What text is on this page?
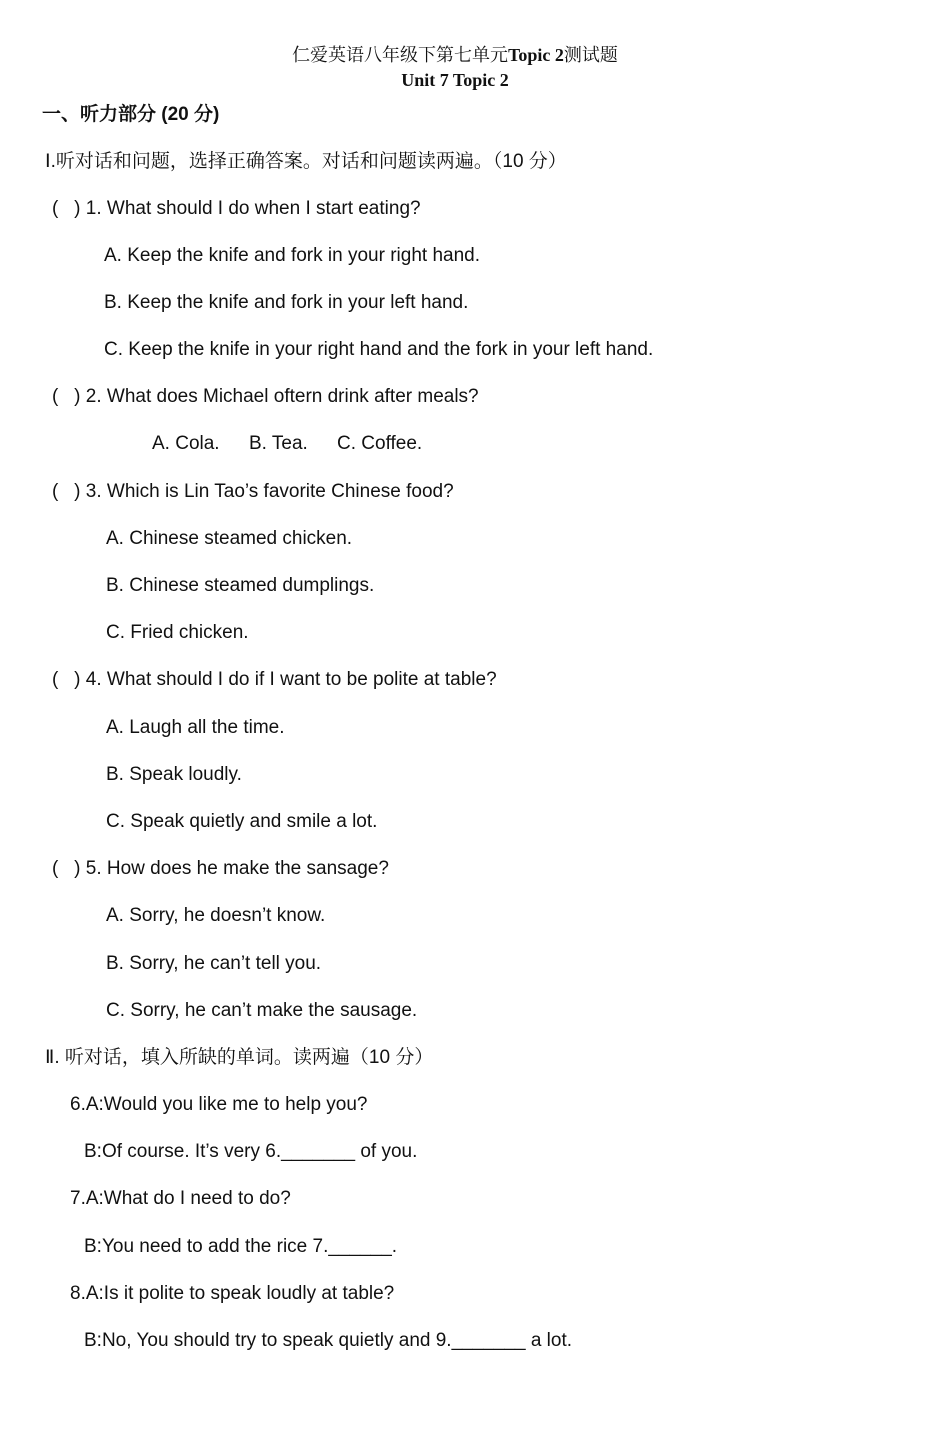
仁爱英语八年级下第七单元Topic 2测试题
Unit 7 Topic 2
一、听力部分 (20 分)
Ⅰ.听对话和问题，选择正确答案。对话和问题读两遍。（10 分）
(   ) 1. What should I do when I start eating?
A. Keep the knife and fork in your right hand.
B. Keep the knife and fork in your left hand.
C. Keep the knife in your right hand and the fork in your left hand.
(   ) 2. What does Michael oftern drink after meals?
A. Cola. B. Tea. C. Coffee.
(   ) 3. Which is Lin Tao’s favorite Chinese food?
A. Chinese steamed chicken.
B. Chinese steamed dumplings.
C. Fried chicken.
(   ) 4. What should I do if I want to be polite at table?
A. Laugh all the time.
B. Speak loudly.
C. Speak quietly and smile a lot.
(   ) 5. How does he make the sansage?
A. Sorry, he doesn’t know.
B. Sorry, he can’t tell you.
C. Sorry, he can’t make the sausage.
Ⅱ. 听对话，填入所缺的单词。读两遍（10 分）
6.A:Would you like me to help you?
B:Of course. It’s very 6._______ of you.
7.A:What do I need to do?
B:You need to add the rice 7.______.
8.A:Is it polite to speak loudly at table?
B:No, You should try to speak quietly and 9._______ a lot.
